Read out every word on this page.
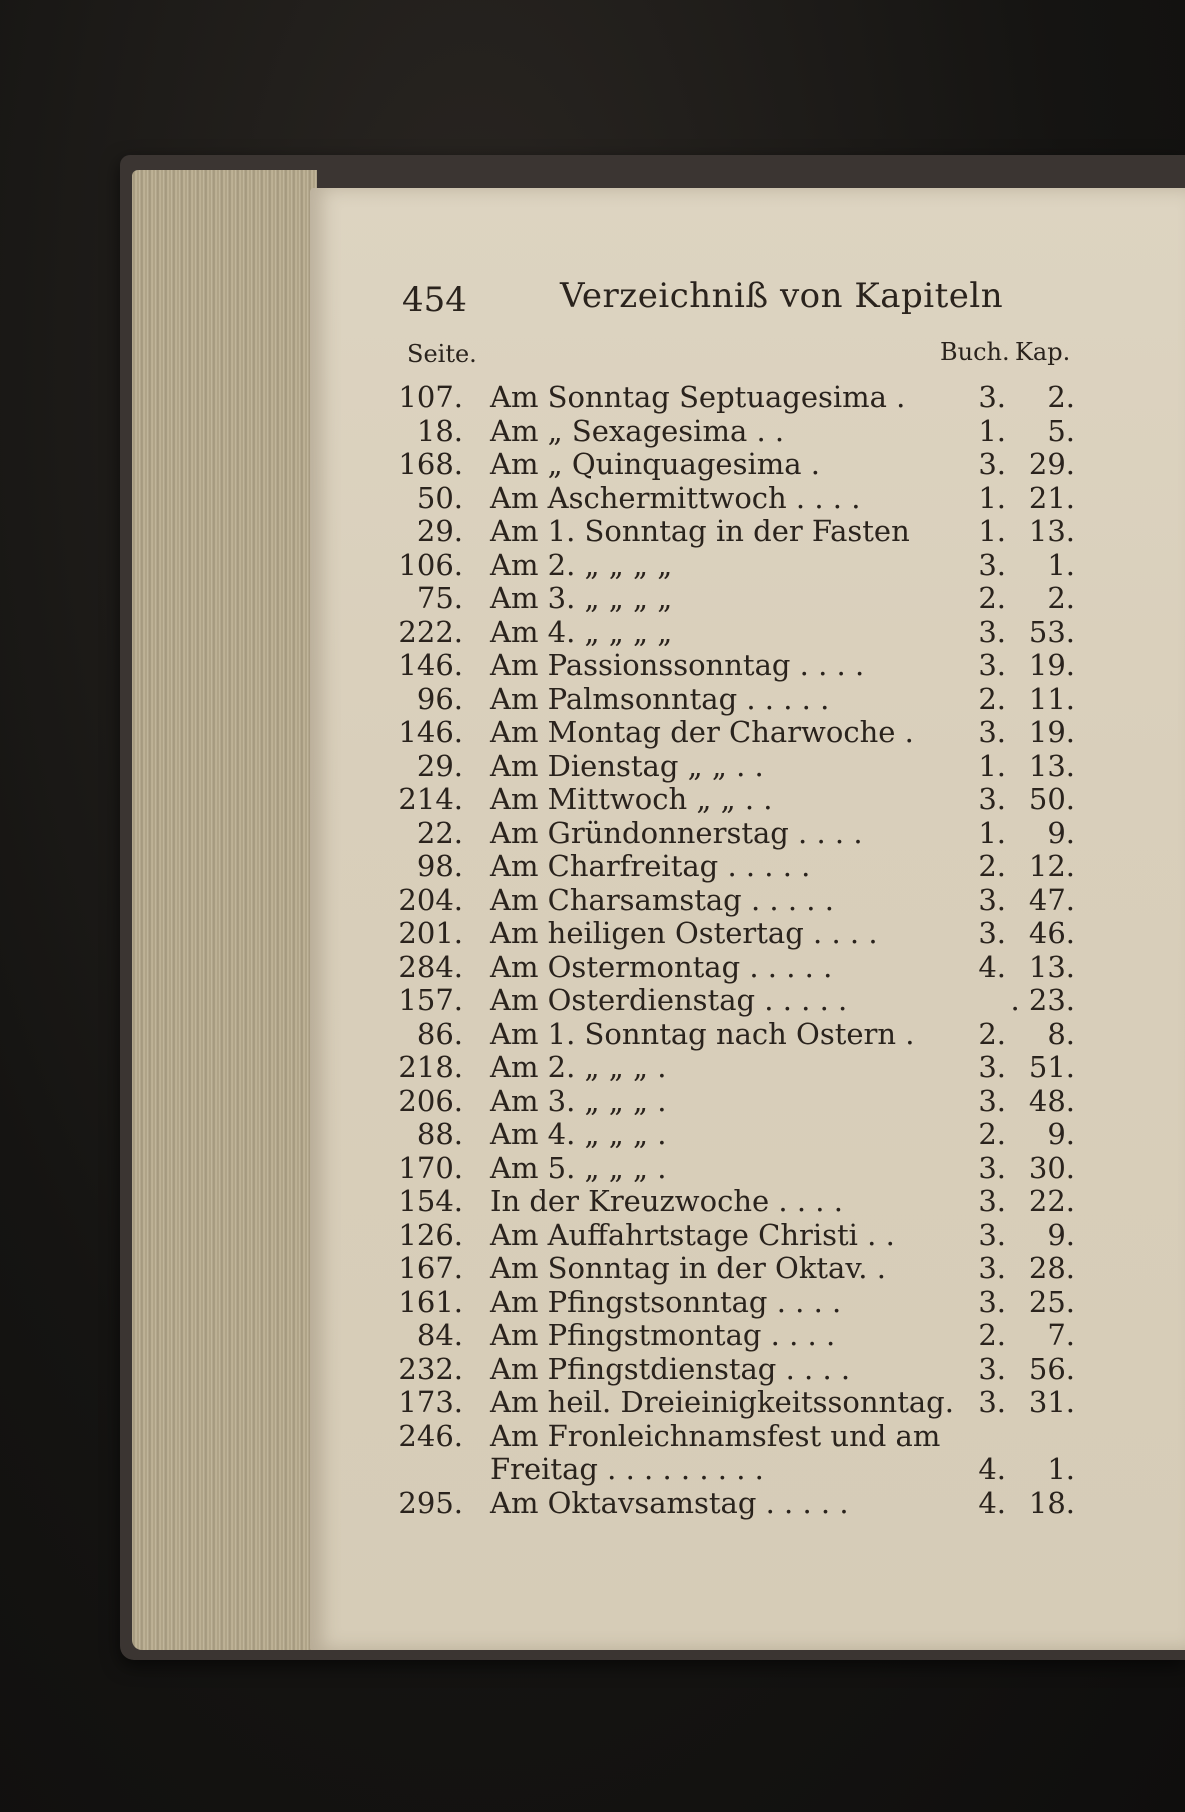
454	Verzeichniß von Kapiteln
Seite.	Buch. Kap.
107. Am Sonntag Septuagesima .	3.	2.
18. Am „ Sexagesima . .	1.	5.
168. Am „ Quinquagesima .	3. 29.
50. Am Aschermittwoch . . . .	1. 21.
29. Am 1. Sonntag in der Fasten	1. 13.
106. Am 2. „ „ „ „	3.	1.
75. Am 3. „ „ „ „	2.	2.
222. Am 4. „ „ „ „	3. 53.
146. Am Passionssonntag . . . .	3. 19.
96. Am Palmsonntag . . . . .	2. 11.
146. Am Montag der Charwoche .	3. 19.
29. Am Dienstag „ „ . .	1. 13.
214. Am Mittwoch „ „ . .	3. 50.
22. Am Gründonnerstag . . . .	1.	9.
98. Am Charfreitag . . . . .	2. 12.
204. Am Charsamstag . . . . .	3. 47.
201. Am heiligen Ostertag . . . .	3. 46.
284. Am Ostermontag . . . . .	4. 13.
157. Am Osterdienstag . . . . .	. 23.
86. Am 1. Sonntag nach Ostern .	2.	8.
218. Am 2. „ „ „ .	3. 51.
206. Am 3. „ „ „ .	3. 48.
88. Am 4. „ „ „ .	2.	9.
170. Am 5. „ „ „ .	3. 30.
154. In der Kreuzwoche . . . .	3. 22.
126. Am Auffahrtstage Christi . .	3.	9.
167. Am Sonntag in der Oktav. .	3. 28.
161. Am Pfingstsonntag . . . .	3. 25.
84. Am Pfingstmontag . . . .	2.	7.
232. Am Pfingstdienstag . . . .	3. 56.
173. Am heil. Dreieinigkeitssonntag. 3. 31.
246. Am Fronleichnamsfest und am
Freitag . . . . . . . . .	4.	1.
295. Am Oktavsamstag . . . . .	4. 18.
